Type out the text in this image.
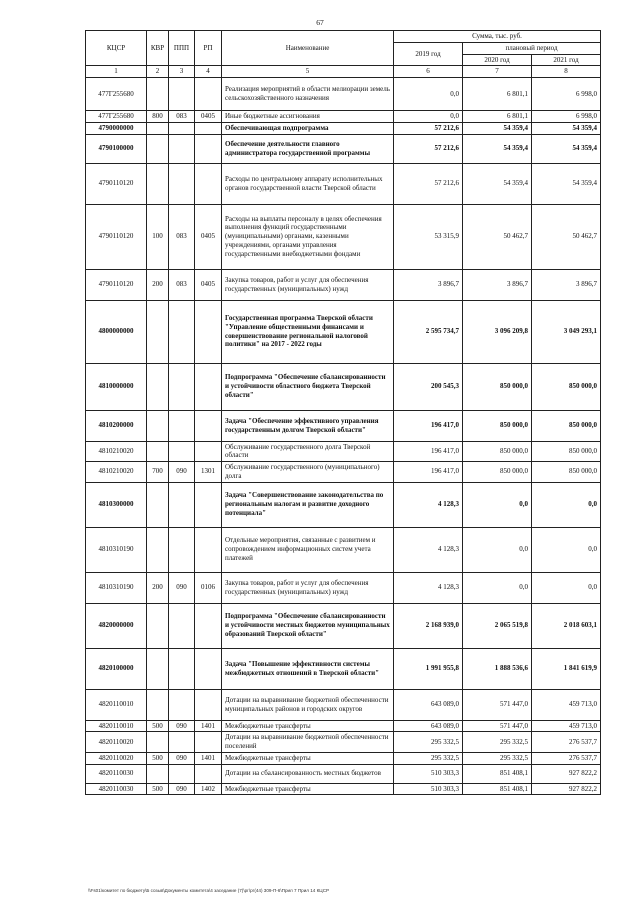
67
КЦСР	КВР	ППП	РП	Наименование	Сумма, тыс. руб.		
					2019 год	плановый период	
						2020 год	2021 год
1	2	3	4	5	6	7	8
477Г255680				Реализация мероприятий в области мелиорации земель сельскохозяйственного назначения	0,0	6 801,1	6 998,0
477Г255680	800	083	0405	Иные бюджетные ассигнования	0,0	6 801,1	6 998,0
4790000000				Обеспечивающая подпрограмма	57 212,6	54 359,4	54 359,4
4790100000				Обеспечение деятельности главного администратора государственной программы	57 212,6	54 359,4	54 359,4
4790110120				Расходы по центральному аппарату исполнительных органов государственной власти Тверской области	57 212,6	54 359,4	54 359,4
4790110120	100	083	0405	Расходы на выплаты персоналу в целях обеспечения выполнения функций государственными (муниципальными) органами, казенными учреждениями, органами управления государственными внебюджетными фондами	53 315,9	50 462,7	50 462,7
4790110120	200	083	0405	Закупка товаров, работ и услуг для обеспечения государственных (муниципальных) нужд	3 896,7	3 896,7	3 896,7
4800000000				Государственная программа Тверской области "Управление общественными финансами и совершенствование региональной налоговой политики" на 2017 - 2022 годы	2 595 734,7	3 096 209,8	3 049 293,1
4810000000				Подпрограмма "Обеспечение сбалансированности и устойчивости областного бюджета Тверской области"	200 545,3	850 000,0	850 000,0
4810200000				Задача "Обеспечение эффективного управления государственным долгом Тверской области"	196 417,0	850 000,0	850 000,0
4810210020				Обслуживание государственного долга Тверской области	196 417,0	850 000,0	850 000,0
4810210020	700	090	1301	Обслуживание государственного (муниципального) долга	196 417,0	850 000,0	850 000,0
4810300000				Задача "Совершенствование законодательства по региональным налогам и развитие доходного потенциала"	4 128,3	0,0	0,0
4810310190				Отдельные мероприятия, связанные с развитием и сопровождением информационных систем учета платежей	4 128,3	0,0	0,0
4810310190	200	090	0106	Закупка товаров, работ и услуг для обеспечения государственных (муниципальных) нужд	4 128,3	0,0	0,0
4820000000				Подпрограмма "Обеспечение сбалансированности и устойчивости местных бюджетов муниципальных образований Тверской области"	2 168 939,0	2 065 519,8	2 018 603,1
4820100000				Задача "Повышение эффективности системы межбюджетных отношений в Тверской области"	1 991 955,8	1 888 536,6	1 841 619,9
4820110010				Дотации на выравнивание бюджетной обеспеченности муниципальных районов и городских округов	643 089,0	571 447,0	459 713,0
4820110010	500	090	1401	Межбюджетные трансферты	643 089,0	571 447,0	459 713,0
4820110020				Дотации на выравнивание бюджетной обеспеченности поселений	295 332,5	295 332,5	276 537,7
4820110020	500	090	1401	Межбюджетные трансферты	295 332,5	295 332,5	276 537,7
4820110030				Дотации на сбалансированность местных бюджетов	510 303,3	851 408,1	927 822,2
4820110030	500	090	1402	Межбюджетные трансферты	510 303,3	851 408,1	927 822,2
\\Fs01\комитет по бюджету\Б созыв\Документы комитета\4 заседание (7)\рг\рг(44) 309-П-6\Прил 7 Прил 14 КЦСР
